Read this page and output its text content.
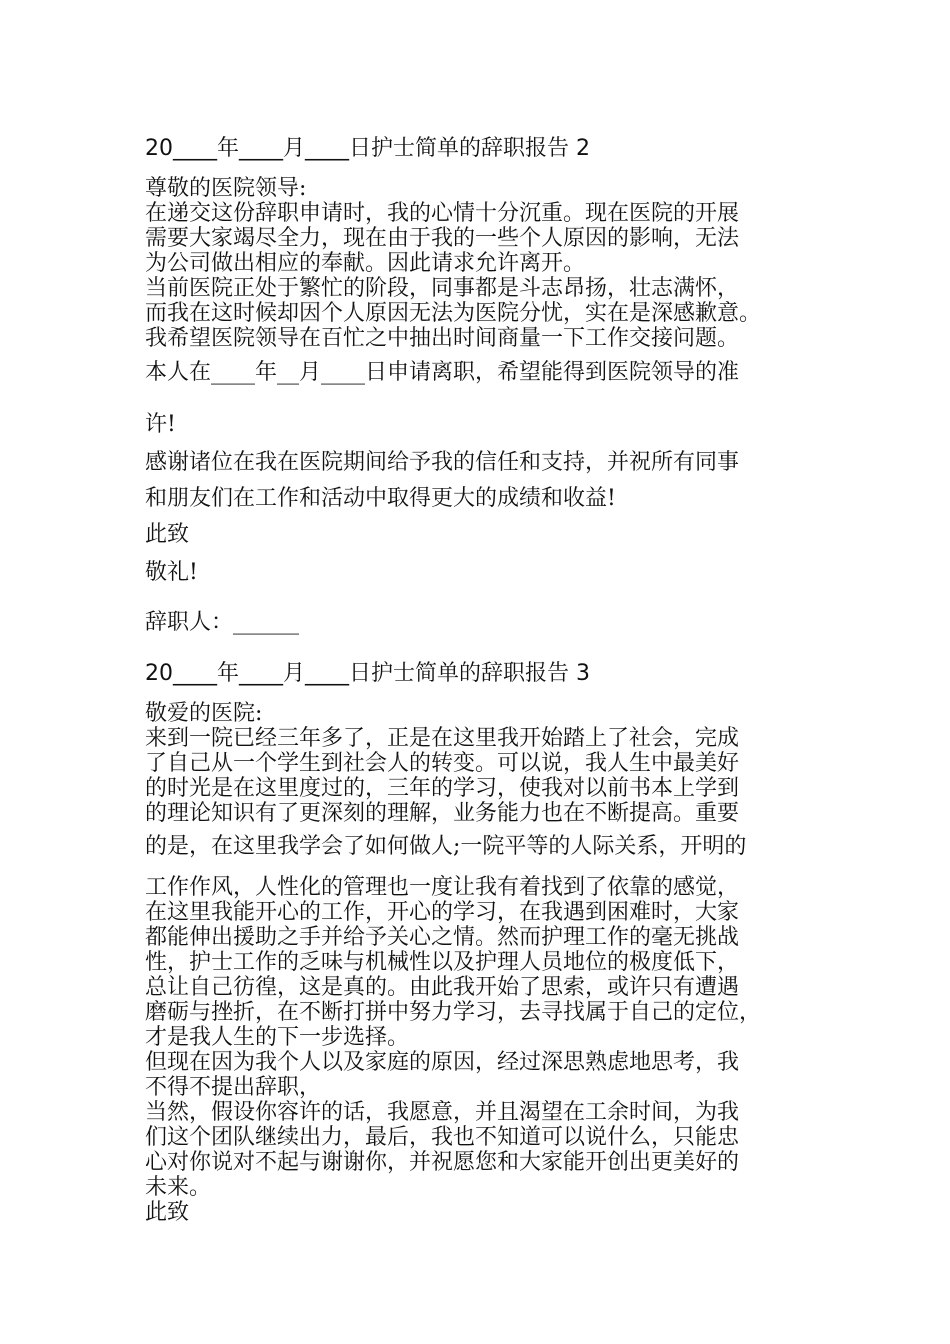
20____年____月____日护士简单的辞职报告 2
尊敬的医院领导:
在递交这份辞职申请时，我的心情十分沉重。现在医院的开展
需要大家竭尽全力，现在由于我的一些个人原因的影响，无法
为公司做出相应的奉献。因此请求允许离开。
当前医院正处于繁忙的阶段，同事都是斗志昂扬，壮志满怀，
而我在这时候却因个人原因无法为医院分忧，实在是深感歉意。
我希望医院领导在百忙之中抽出时间商量一下工作交接问题。
本人在____年__月____日申请离职，希望能得到医院领导的准
许!
感谢诸位在我在医院期间给予我的信任和支持，并祝所有同事
和朋友们在工作和活动中取得更大的成绩和收益!
此致
敬礼!
辞职人：______
20____年____月____日护士简单的辞职报告 3
敬爱的医院:
来到一院已经三年多了，正是在这里我开始踏上了社会，完成
了自己从一个学生到社会人的转变。可以说，我人生中最美好
的时光是在这里度过的，三年的学习，使我对以前书本上学到
的理论知识有了更深刻的理解，业务能力也在不断提高。重要
的是，在这里我学会了如何做人;一院平等的人际关系，开明的
工作作风，人性化的管理也一度让我有着找到了依靠的感觉，
在这里我能开心的工作，开心的学习，在我遇到困难时，大家
都能伸出援助之手并给予关心之情。然而护理工作的毫无挑战
性，护士工作的乏味与机械性以及护理人员地位的极度低下，
总让自己彷徨，这是真的。由此我开始了思索，或许只有遭遇
磨砺与挫折，在不断打拼中努力学习，去寻找属于自己的定位，
才是我人生的下一步选择。
但现在因为我个人以及家庭的原因，经过深思熟虑地思考，我
不得不提出辞职，
当然，假设你容许的话，我愿意，并且渴望在工余时间，为我
们这个团队继续出力，最后，我也不知道可以说什么，只能忠
心对你说对不起与谢谢你，并祝愿您和大家能开创出更美好的
未来。
此致
